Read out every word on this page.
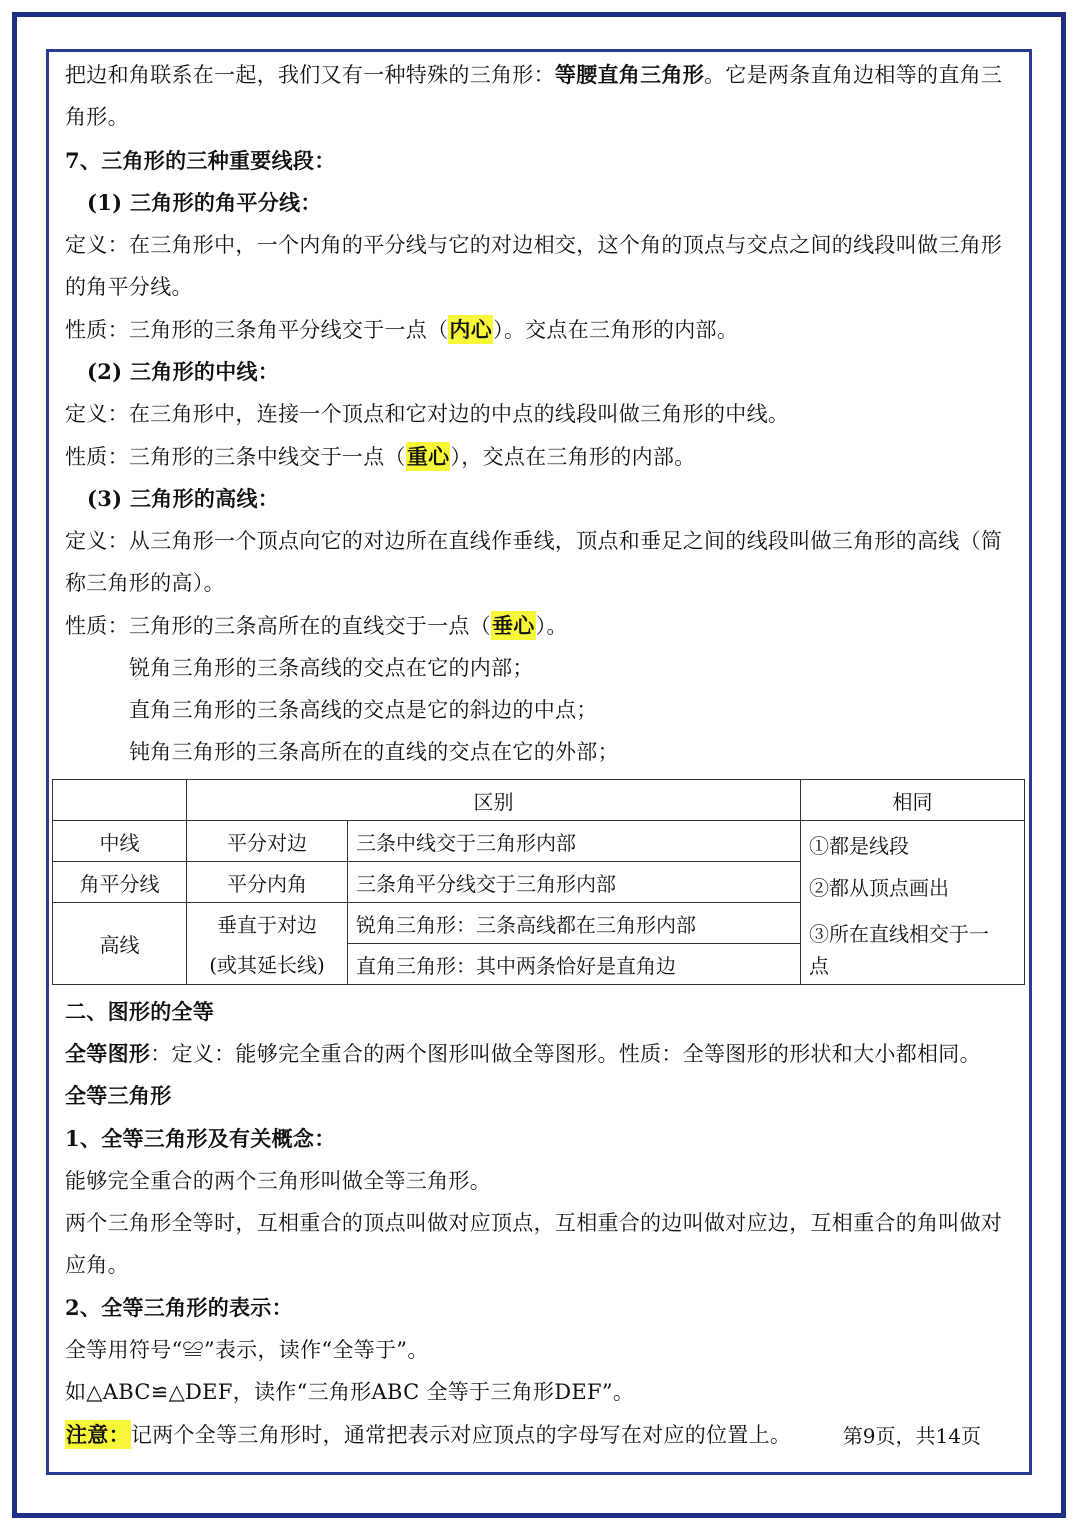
把边和角联系在一起，我们又有一种特殊的三角形：等腰直角三角形。它是两条直角边相等的直角三
角形。
7、三角形的三种重要线段：
(1) 三角形的角平分线：
定义：在三角形中，一个内角的平分线与它的对边相交，这个角的顶点与交点之间的线段叫做三角形
的角平分线。
性质：三角形的三条角平分线交于一点（内心）。交点在三角形的内部。
(2) 三角形的中线：
定义：在三角形中，连接一个顶点和它对边的中点的线段叫做三角形的中线。
性质：三角形的三条中线交于一点（重心），交点在三角形的内部。
(3) 三角形的高线：
定义：从三角形一个顶点向它的对边所在直线作垂线，顶点和垂足之间的线段叫做三角形的高线（简
称三角形的高）。
性质：三角形的三条高所在的直线交于一点（垂心）。
锐角三角形的三条高线的交点在它的内部；
直角三角形的三条高线的交点是它的斜边的中点；
钝角三角形的三条高所在的直线的交点在它的外部；
	区别		相同
中线	平分对边	三条中线交于三角形内部	①都是线段
②都从顶点画出
③所在直线相交于一
点

角平分线	平分内角	三条角平分线交于三角形内部	
高线	垂直于对边	锐角三角形：三条高线都在三角形内部	
	(或其延长线)	直角三角形：其中两条恰好是直角边	
二、图形的全等
全等图形：定义：能够完全重合的两个图形叫做全等图形。性质：全等图形的形状和大小都相同。
全等三角形
1、全等三角形及有关概念：
能够完全重合的两个三角形叫做全等三角形。
两个三角形全等时，互相重合的顶点叫做对应顶点，互相重合的边叫做对应边，互相重合的角叫做对
应角。
2、全等三角形的表示：
全等用符号“≌”表示，读作“全等于”。
如△ABC≌△DEF，读作“三角形ABC 全等于三角形DEF”。
注意：记两个全等三角形时，通常把表示对应顶点的字母写在对应的位置上。	第9页，共14页
